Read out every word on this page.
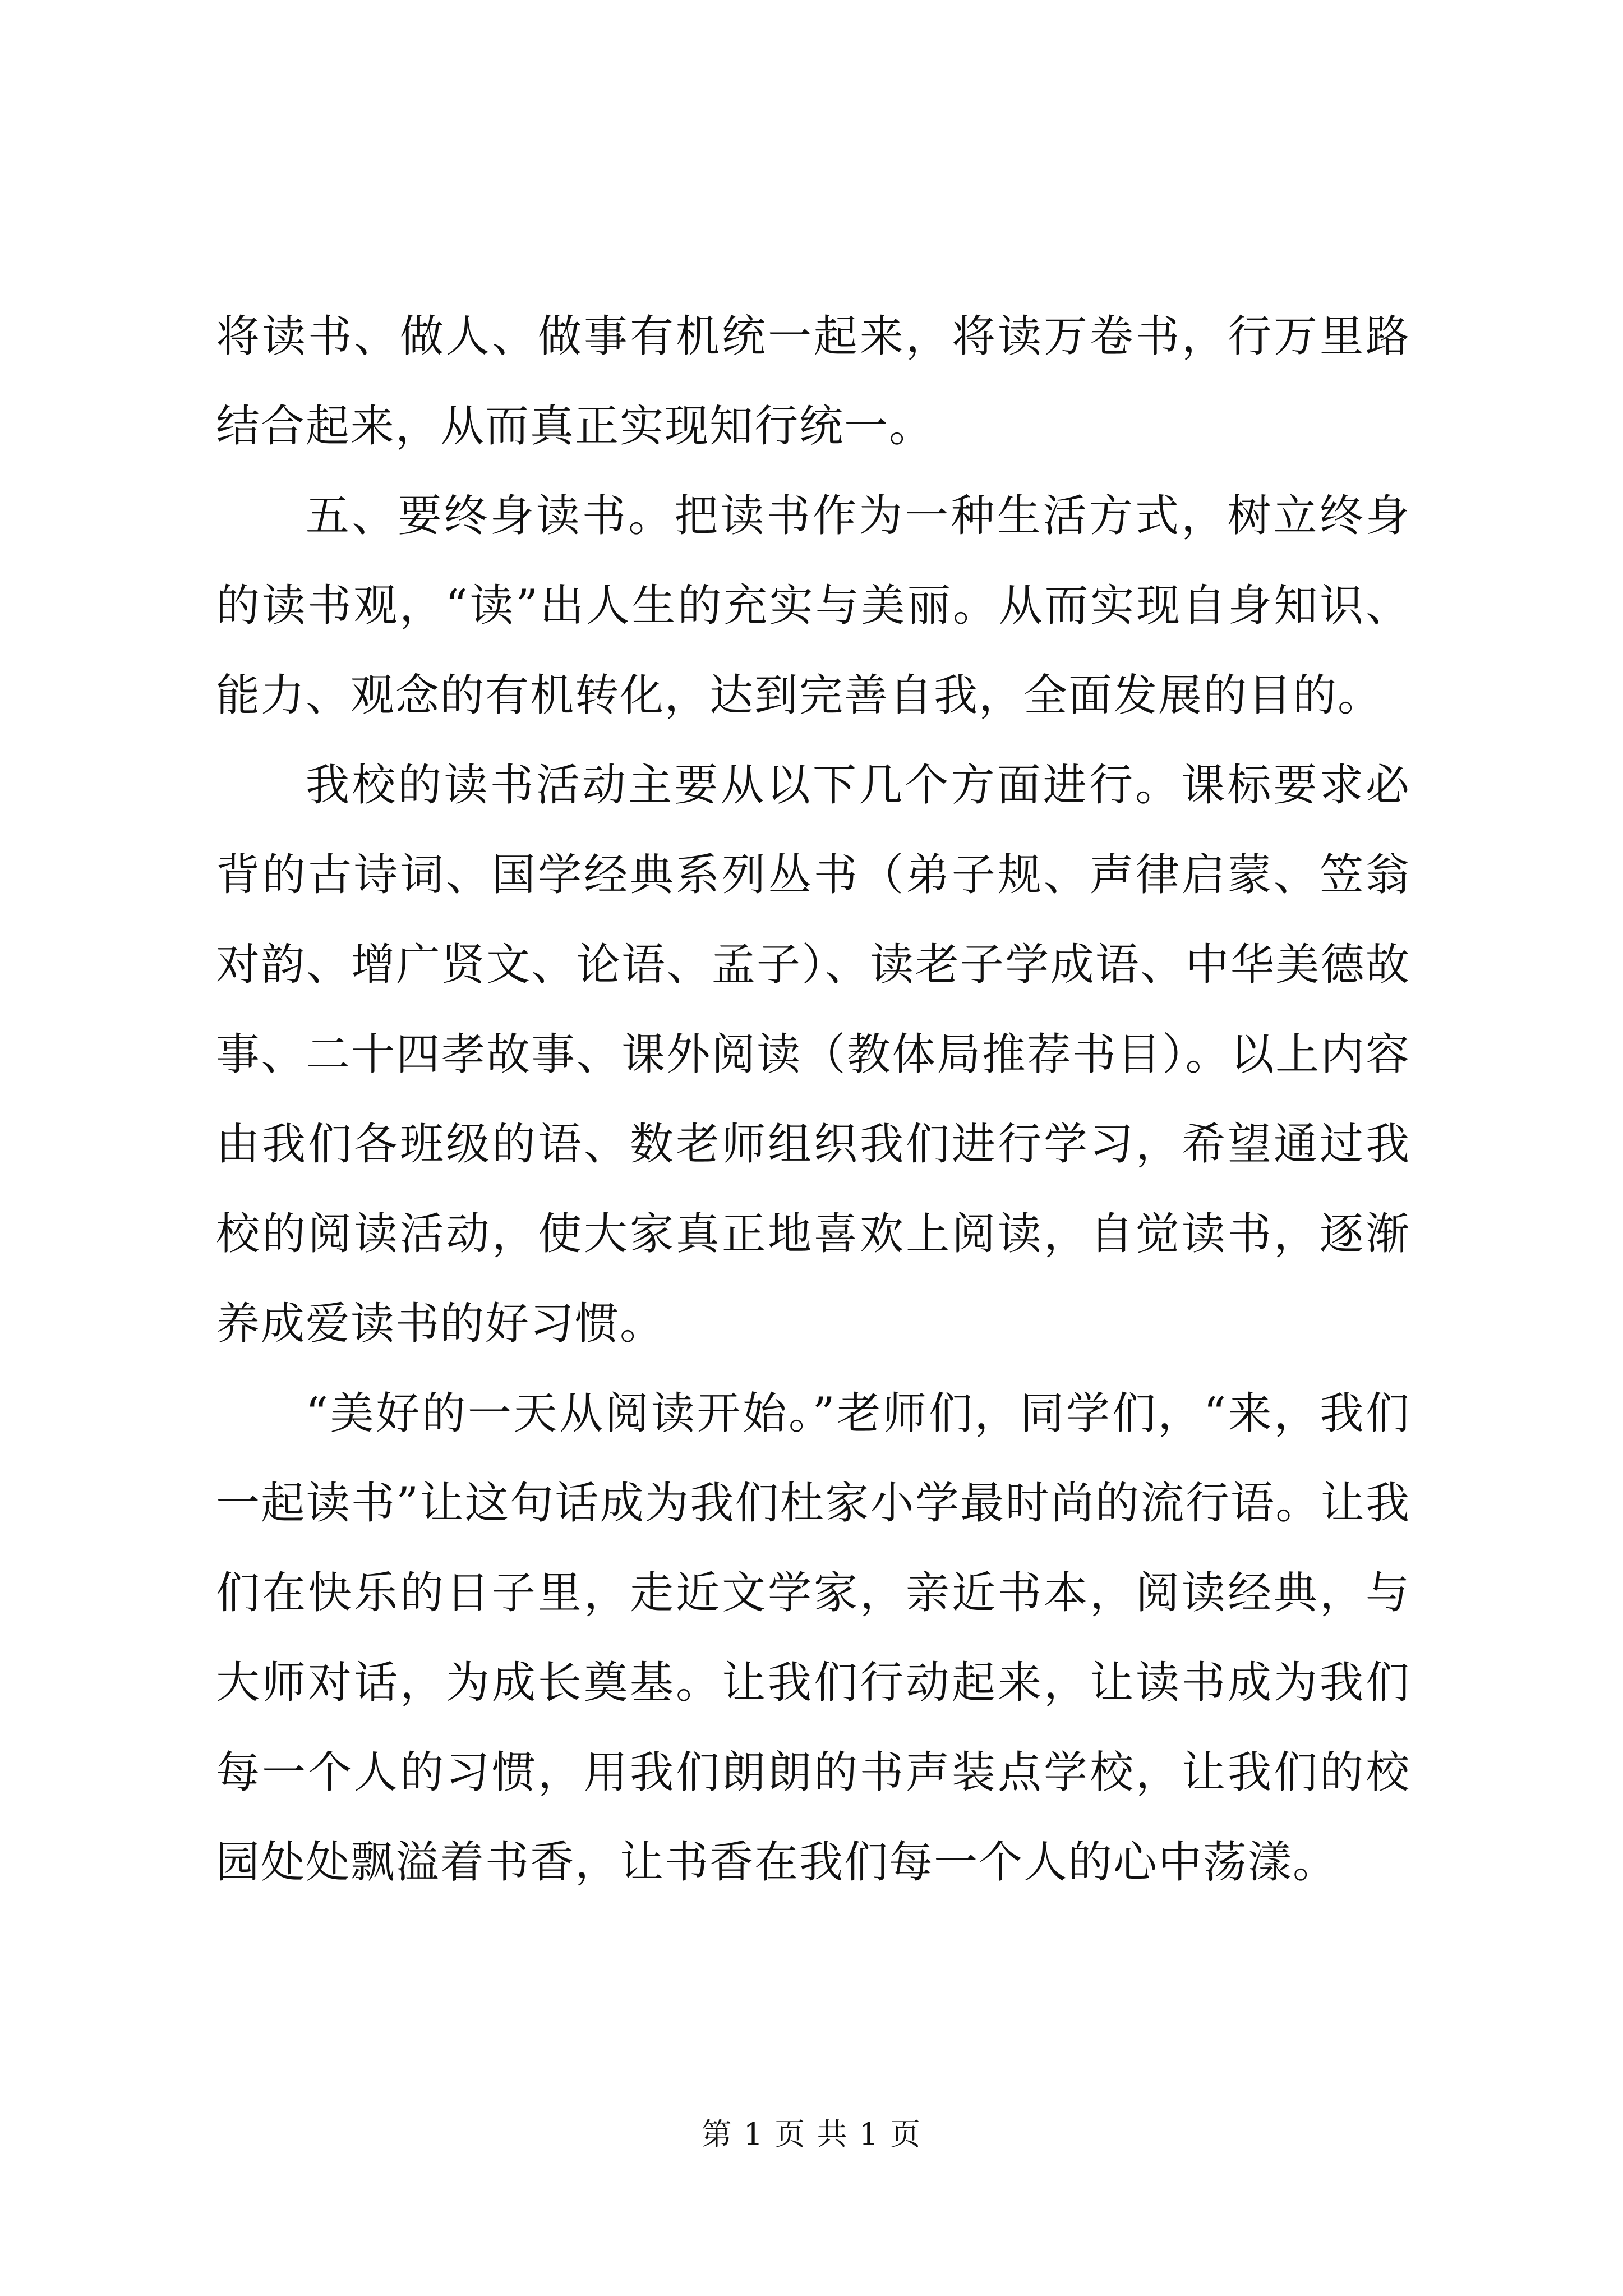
将读书、做人、做事有机统一起来，将读万卷书，行万里路结合起来，从而真正实现知行统一。

五、要终身读书。把读书作为一种生活方式，树立终身的读书观，“读”出人生的充实与美丽。从而实现自身知识、能力、观念的有机转化，达到完善自我，全面发展的目的。

我校的读书活动主要从以下几个方面进行。课标要求必背的古诗词、国学经典系列丛书（弟子规、声律启蒙、笠翁对韵、增广贤文、论语、孟子）、读老子学成语、中华美德故事、二十四孝故事、课外阅读（教体局推荐书目）。以上内容由我们各班级的语、数老师组织我们进行学习，希望通过我校的阅读活动，使大家真正地喜欢上阅读，自觉读书，逐渐养成爱读书的好习惯。

“美好的一天从阅读开始。”老师们，同学们，“来，我们一起读书”让这句话成为我们杜家小学最时尚的流行语。让我们在快乐的日子里，走近文学家，亲近书本，阅读经典，与大师对话，为成长奠基。让我们行动起来，让读书成为我们每一个人的习惯，用我们朗朗的书声装点学校，让我们的校园处处飘溢着书香，让书香在我们每一个人的心中荡漾。

第 1 页 共 1 页
